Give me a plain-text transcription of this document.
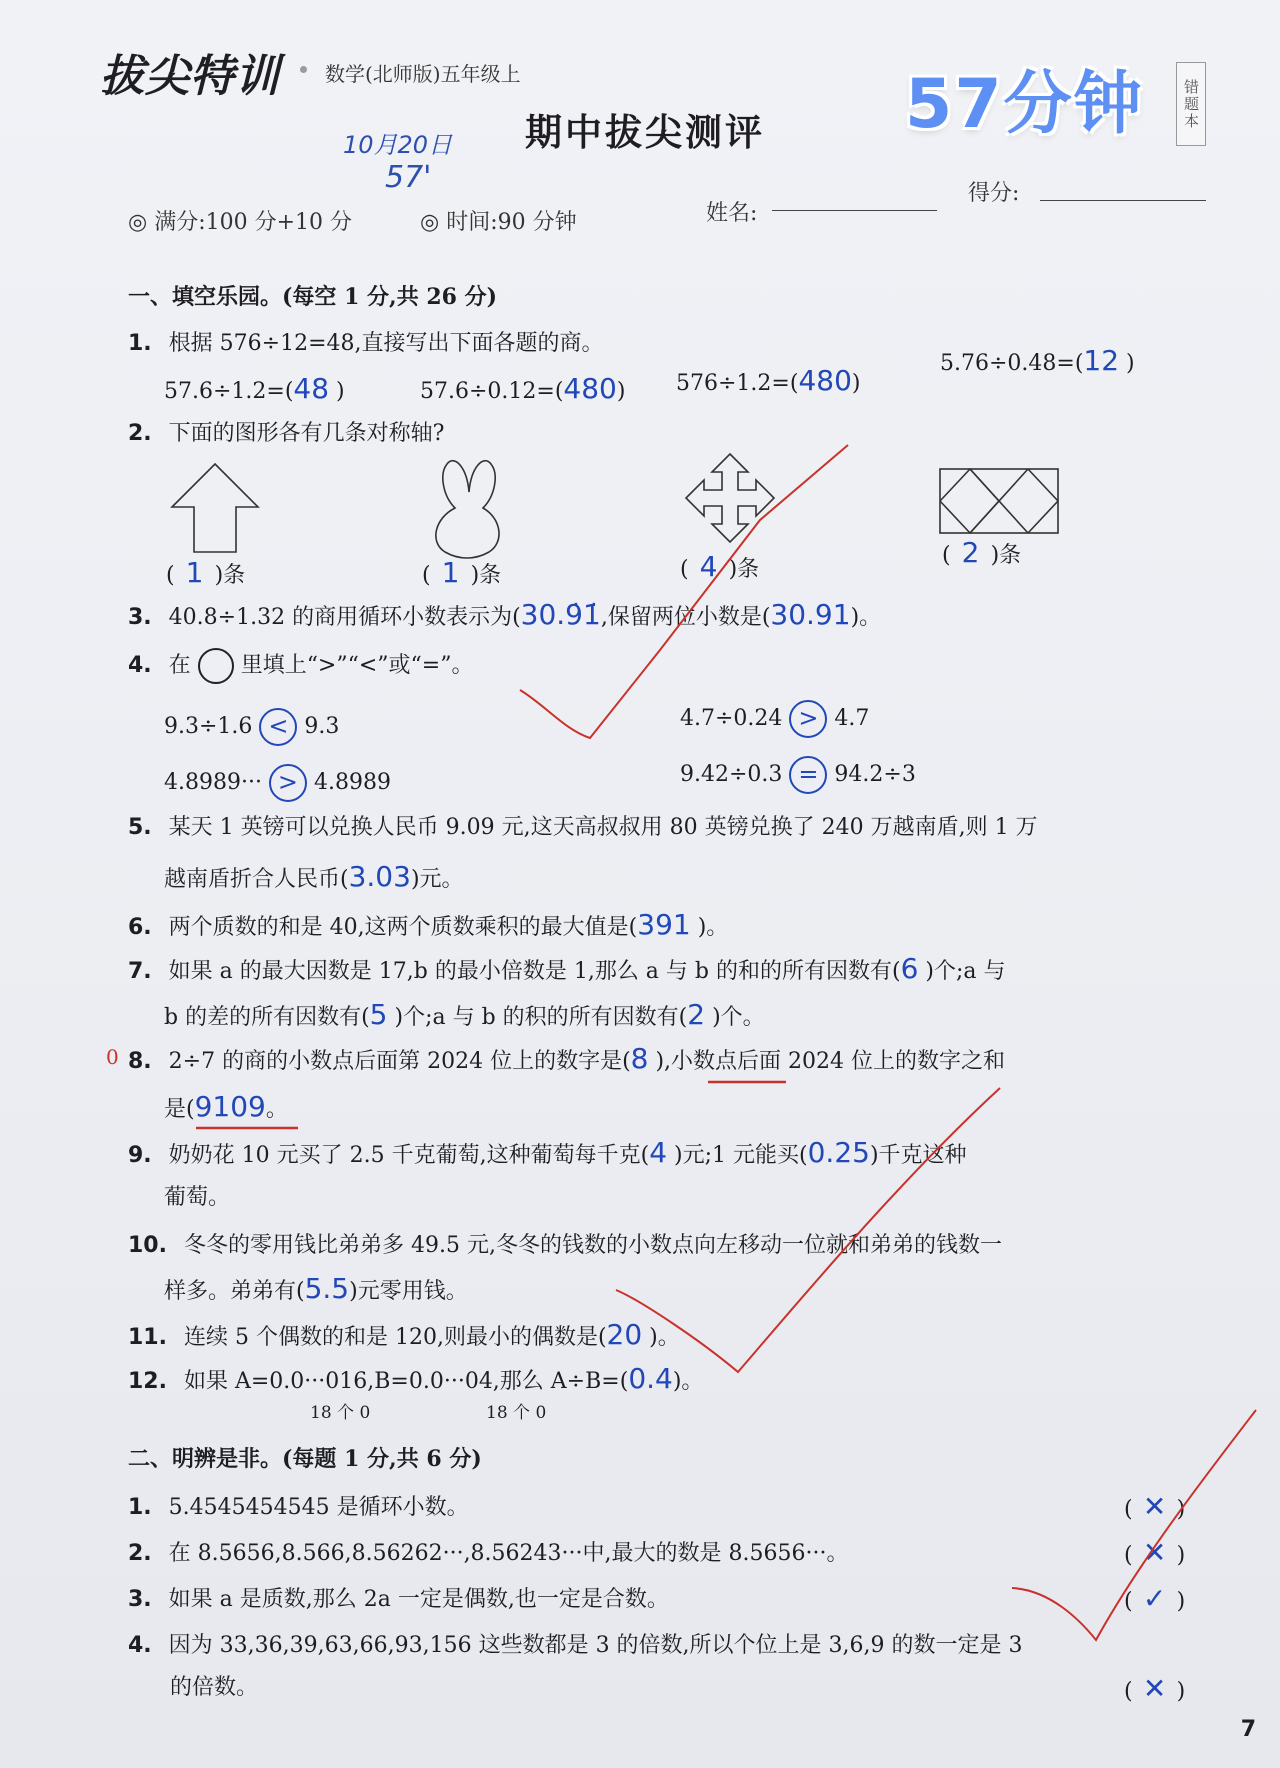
拔尖特训 数学(北师版)五年级上	57分钟	错题本
期中拔尖测评
10月20日
57'
◎ 满分:100 分+10 分	◎ 时间:90 分钟	姓名:
得分:
一、填空乐园。(每空 1 分,共 26 分)
1. 根据 576÷12=48,直接写出下面各题的商。
57.6÷1.2=(48 )	57.6÷0.12=(480) 576÷1.2=(480)
5.76÷0.48=(12 )
2. 下面的图形各有几条对称轴?
( 1 )条	( 1 )条	( 4 )条
( 2 )条
3. 40.8÷1.32 的商用循环小数表示为(30.9̇1̇,保留两位小数是(30.91)。
4. 在 里填上“>”“<”或“=”。
9.3÷1.6 < 9.3	4.7÷0.24 > 4.7
4.8989··· > 4.8989	9.42÷0.3 = 94.2÷3
5. 某天 1 英镑可以兑换人民币 9.09 元,这天高叔叔用 80 英镑兑换了 240 万越南盾,则 1 万
越南盾折合人民币(3.03)元。
6. 两个质数的和是 40,这两个质数乘积的最大值是(391 )。
7. 如果 a 的最大因数是 17,b 的最小倍数是 1,那么 a 与 b 的和的所有因数有(6 )个;a 与
b 的差的所有因数有(5 )个;a 与 b 的积的所有因数有(2 )个。
0 8. 2÷7 的商的小数点后面第 2024 位上的数字是(8 ),小数点后面 2024 位上的数字之和
是(9109。
9. 奶奶花 10 元买了 2.5 千克葡萄,这种葡萄每千克(4 )元;1 元能买(0.25)千克这种
葡萄。
10. 冬冬的零用钱比弟弟多 49.5 元,冬冬的钱数的小数点向左移动一位就和弟弟的钱数一
样多。弟弟有(5.5)元零用钱。
11. 连续 5 个偶数的和是 120,则最小的偶数是(20 )。
12. 如果 A=0.0···016,B=0.0···04,那么 A÷B=(0.4)。
18 个 0	18 个 0
二、明辨是非。(每题 1 分,共 6 分)
1. 5.4545454545 是循环小数。	( ✕ )
2. 在 8.5656,8.566,8.56262···,8.56243···中,最大的数是 8.5656···。	( ✕ )
3. 如果 a 是质数,那么 2a 一定是偶数,也一定是合数。	( ✓ )
4. 因为 33,36,39,63,66,93,156 这些数都是 3 的倍数,所以个位上是 3,6,9 的数一定是 3
的倍数。	( ✕ )
7
